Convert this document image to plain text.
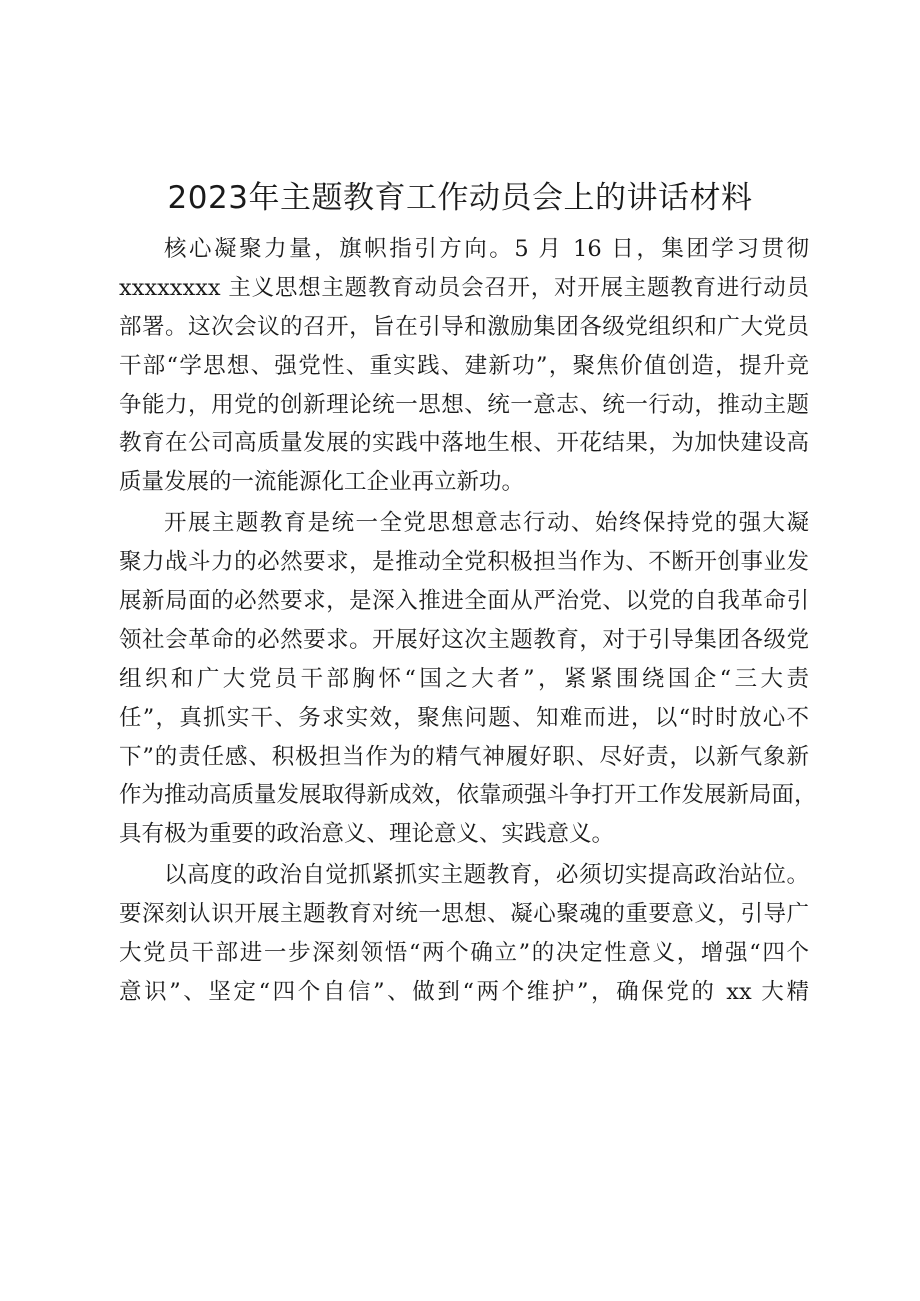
2023年主题教育工作动员会上的讲话材料
核心凝聚力量，旗帜指引方向。5 月 16 日，集团学习贯彻
xxxxxxxx 主义思想主题教育动员会召开，对开展主题教育进行动员
部署。这次会议的召开，旨在引导和激励集团各级党组织和广大党员
干部“学思想、强党性、重实践、建新功”，聚焦价值创造，提升竞
争能力，用党的创新理论统一思想、统一意志、统一行动，推动主题
教育在公司高质量发展的实践中落地生根、开花结果，为加快建设高
质量发展的一流能源化工企业再立新功。
开展主题教育是统一全党思想意志行动、始终保持党的强大凝
聚力战斗力的必然要求，是推动全党积极担当作为、不断开创事业发
展新局面的必然要求，是深入推进全面从严治党、以党的自我革命引
领社会革命的必然要求。开展好这次主题教育，对于引导集团各级党
组织和广大党员干部胸怀“国之大者”，紧紧围绕国企“三大责
任”，真抓实干、务求实效，聚焦问题、知难而进，以“时时放心不
下”的责任感、积极担当作为的精气神履好职、尽好责，以新气象新
作为推动高质量发展取得新成效，依靠顽强斗争打开工作发展新局面，
具有极为重要的政治意义、理论意义、实践意义。
以高度的政治自觉抓紧抓实主题教育，必须切实提高政治站位。
要深刻认识开展主题教育对统一思想、凝心聚魂的重要意义，引导广
大党员干部进一步深刻领悟“两个确立”的决定性意义，增强“四个
意识”、坚定“四个自信”、做到“两个维护”，确保党的 xx 大精
